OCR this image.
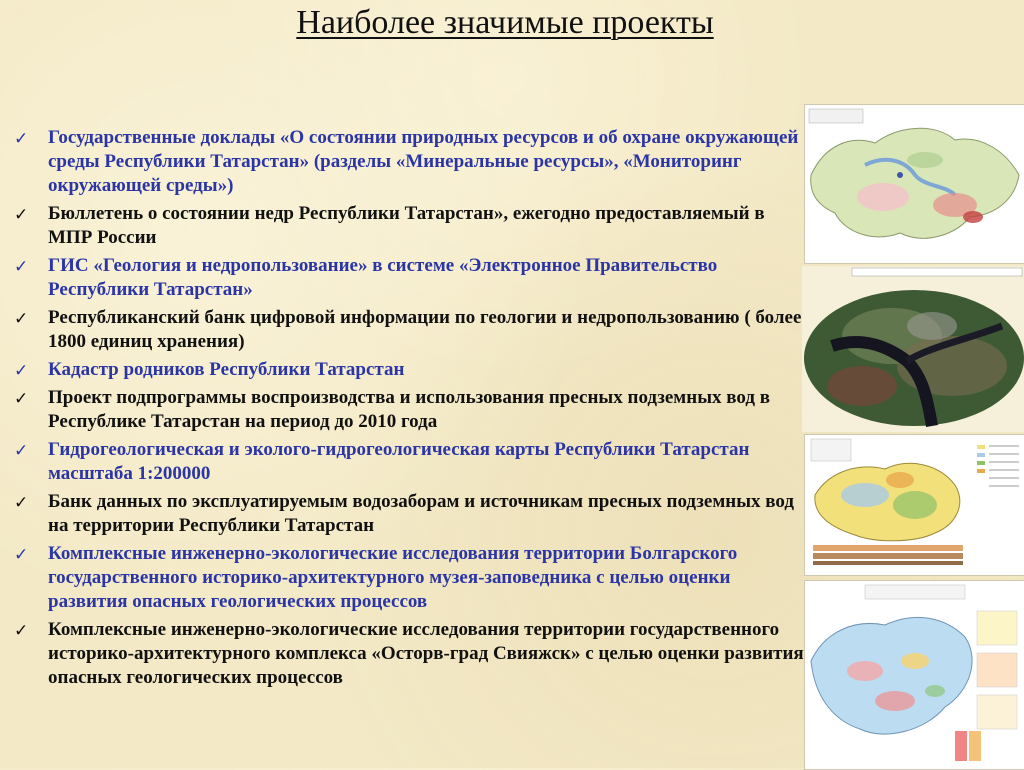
Наиболее значимые проекты
✓ Государственные доклады «О состоянии природных ресурсов и об охране окружающей среды Республики Татарстан» (разделы «Минеральные ресурсы», «Мониторинг окружающей среды»)
✓ Бюллетень о состоянии недр Республики Татарстан», ежегодно предоставляемый в МПР России
✓ ГИС «Геология и недропользование» в системе «Электронное Правительство Республики Татарстан»
✓ Республиканский банк цифровой информации по геологии и недропользованию ( более 1800 единиц хранения)
✓ Кадастр родников Республики Татарстан
✓ Проект подпрограммы воспроизводства и использования пресных подземных вод в Республике Татарстан на период до 2010 года
✓ Гидрогеологическая и эколого-гидрогеологическая карты Республики Татарстан масштаба 1:200000
✓ Банк данных по эксплуатируемым водозаборам и источникам пресных подземных вод на территории Республики Татарстан
✓ Комплексные инженерно-экологические исследования территории Болгарского государственного историко-архитектурного музея-заповедника с целью оценки развития опасных геологических процессов
✓ Комплексные инженерно-экологические исследования территории государственного историко-архитектурного комплекса «Осторв-град Свияжск» с целью оценки развития опасных геологических процессов
